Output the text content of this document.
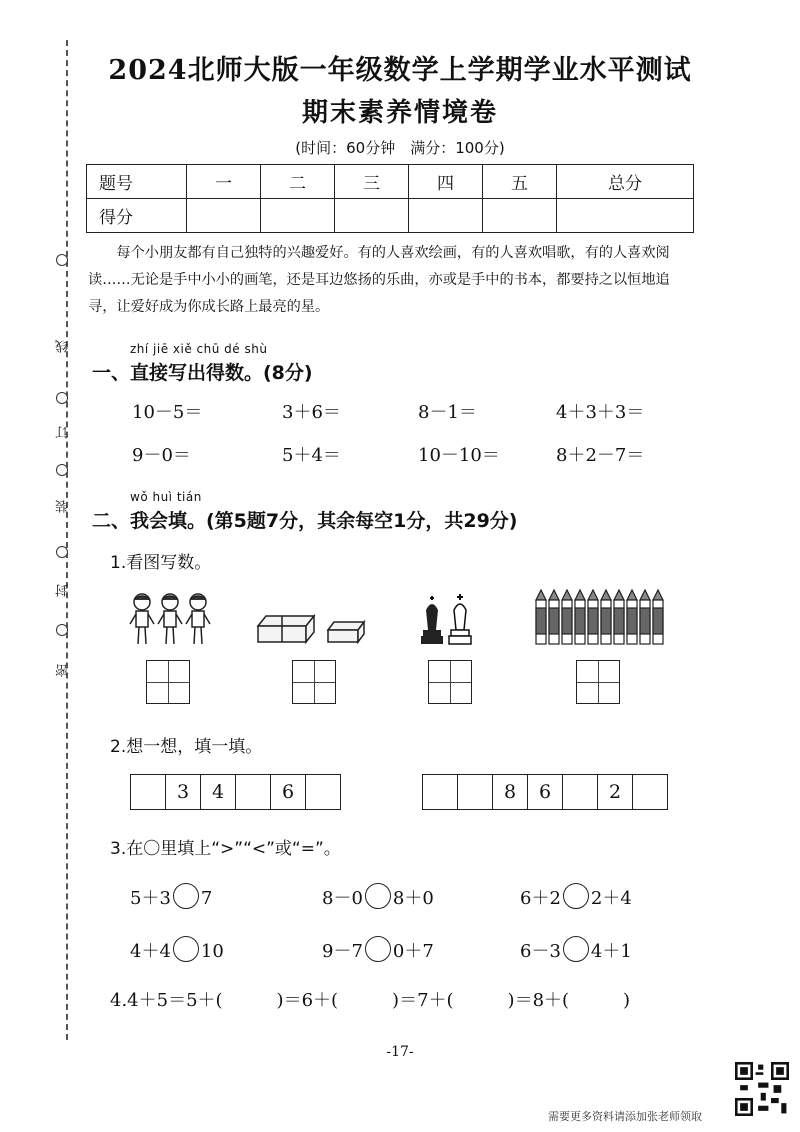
线
订
装
封
密
2024北师大版一年级数学上学期学业水平测试
期末素养情境卷
(时间：60分钟　满分：100分)
题号	一	二	三	四	五	总分
得分						
每个小朋友都有自己独特的兴趣爱好。有的人喜欢绘画，有的人喜欢唱歌，有的人喜欢阅读……无论是手中小小的画笔，还是耳边悠扬的乐曲，亦或是手中的书本，都要持之以恒地追寻，让爱好成为你成长路上最亮的星。
zhí jiē xiě chū dé shù
一、直接写出得数。(8分)
10－5＝	3＋6＝	8－1＝	4＋3＋3＝
9－0＝	5＋4＝	10－10＝	8＋2－7＝
wǒ huì tián
二、我会填。(第5题7分，其余每空1分，共29分)
1.看图写数。
2.想一想，填一填。
3	4	6	8	6	2
3.在〇里填上“>”“<”或“=”。
5＋3 7	8－0 8＋0	6＋2 2＋4
4＋4 10	9－7 0＋7	6－3 4＋1
4.4＋5＝5＋(　　　)＝6＋(　　　)＝7＋(　　　)＝8＋(　　　)
-17-
需要更多资料请添加张老师领取
